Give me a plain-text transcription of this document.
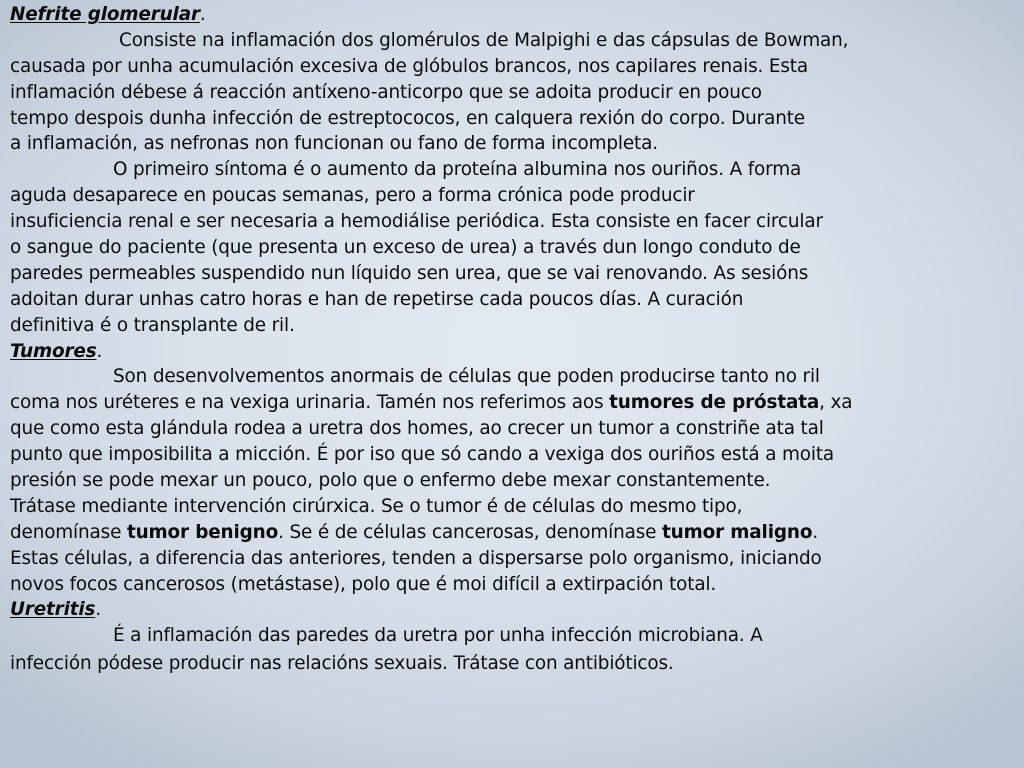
Nefrite glomerular.
Consiste na inflamación dos glomérulos de Malpighi e das cápsulas de Bowman,
causada por unha acumulación excesiva de glóbulos brancos, nos capilares renais. Esta
inflamación débese á reacción antíxeno-anticorpo que se adoita producir en pouco
tempo despois dunha infección de estreptococos, en calquera rexión do corpo. Durante
a inflamación, as nefronas non funcionan ou fano de forma incompleta.
O primeiro síntoma é o aumento da proteína albumina nos ouriños. A forma
aguda desaparece en poucas semanas, pero a forma crónica pode producir
insuficiencia renal e ser necesaria a hemodiálise periódica. Esta consiste en facer circular
o sangue do paciente (que presenta un exceso de urea) a través dun longo conduto de
paredes permeables suspendido nun líquido sen urea, que se vai renovando. As sesións
adoitan durar unhas catro horas e han de repetirse cada poucos días. A curación
definitiva é o transplante de ril.
Tumores.
Son desenvolvementos anormais de células que poden producirse tanto no ril
coma nos uréteres e na vexiga urinaria. Tamén nos referimos aos tumores de próstata, xa
que como esta glándula rodea a uretra dos homes, ao crecer un tumor a constriñe ata tal
punto que imposibilita a micción. É por iso que só cando a vexiga dos ouriños está a moita
presión se pode mexar un pouco, polo que o enfermo debe mexar constantemente.
Trátase mediante intervención cirúrxica. Se o tumor é de células do mesmo tipo,
denomínase tumor benigno. Se é de células cancerosas, denomínase tumor maligno.
Estas células, a diferencia das anteriores, tenden a dispersarse polo organismo, iniciando
novos focos cancerosos (metástase), polo que é moi difícil a extirpación total.
Uretritis.
É a inflamación das paredes da uretra por unha infección microbiana. A
infección pódese producir nas relacións sexuais. Trátase con antibióticos.
